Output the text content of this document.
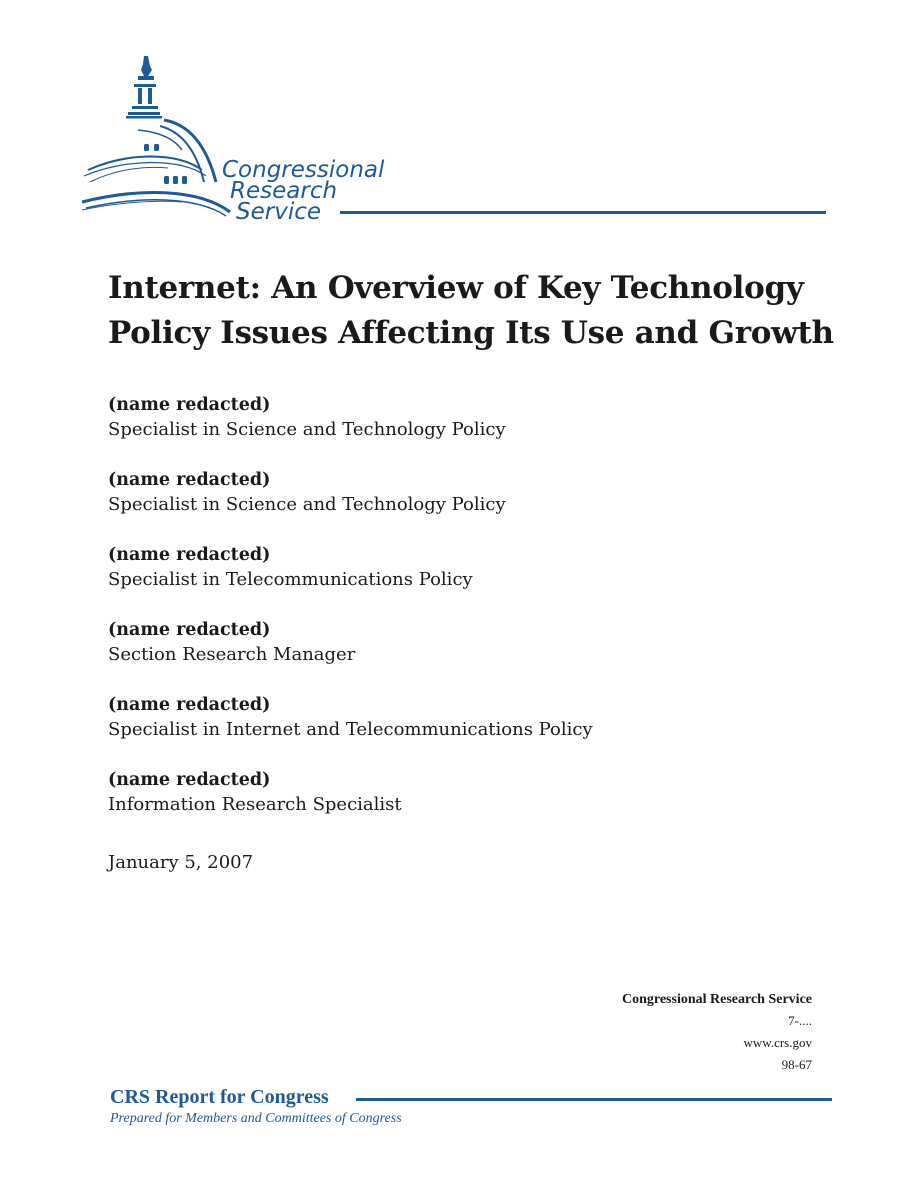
Congressional
Research
Service
Internet: An Overview of Key Technology
Policy Issues Affecting Its Use and Growth
(name redacted)
Specialist in Science and Technology Policy
(name redacted)
Specialist in Science and Technology Policy
(name redacted)
Specialist in Telecommunications Policy
(name redacted)
Section Research Manager
(name redacted)
Specialist in Internet and Telecommunications Policy
(name redacted)
Information Research Specialist
January 5, 2007
Congressional Research Service
7-....
www.crs.gov
98-67
CRS Report for Congress
Prepared for Members and Committees of Congress
